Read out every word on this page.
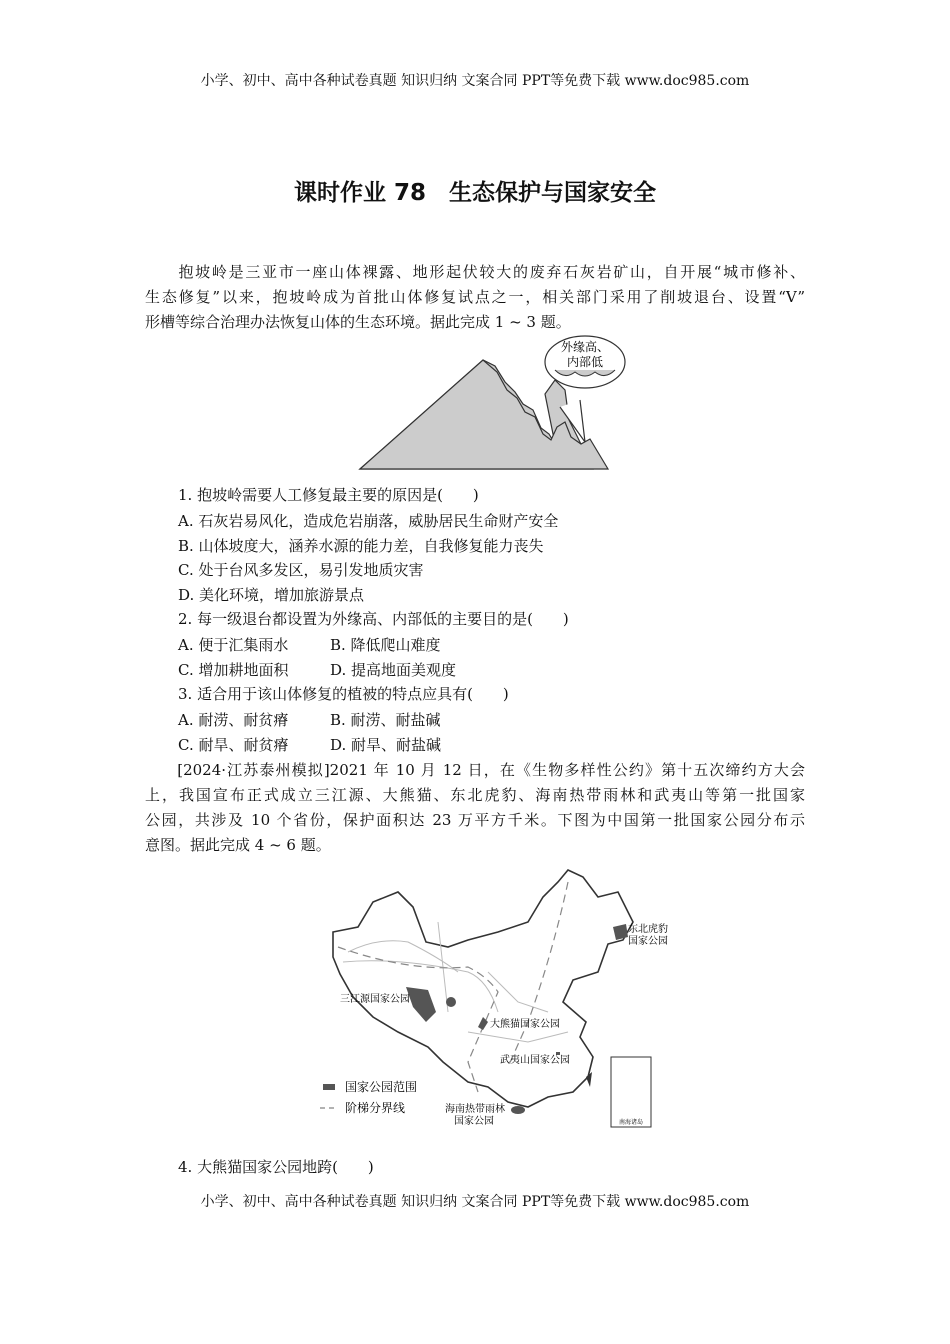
小学、初中、高中各种试卷真题 知识归纳 文案合同 PPT等免费下载 www.doc985.com
课时作业 78　生态保护与国家安全
　　抱坡岭是三亚市一座山体裸露、地形起伏较大的废弃石灰岩矿山，自开展“城市修补、
生态修复”以来，抱坡岭成为首批山体修复试点之一，相关部门采用了削坡退台、设置“V”
形槽等综合治理办法恢复山体的生态环境。据此完成 1 ~ 3 题。
外缘高、
内部低
1. 抱坡岭需要人工修复最主要的原因是(　　)
A. 石灰岩易风化，造成危岩崩落，威胁居民生命财产安全
B. 山体坡度大，涵养水源的能力差，自我修复能力丧失
C. 处于台风多发区，易引发地质灾害
D. 美化环境，增加旅游景点
2. 每一级退台都设置为外缘高、内部低的主要目的是(　　)
A. 便于汇集雨水	B. 降低爬山难度
C. 增加耕地面积	D. 提高地面美观度
3. 适合用于该山体修复的植被的特点应具有(　　)
A. 耐涝、耐贫瘠	B. 耐涝、耐盐碱
C. 耐旱、耐贫瘠	D. 耐旱、耐盐碱
　　[2024·江苏泰州模拟]2021 年 10 月 12 日，在《生物多样性公约》第十五次缔约方大会
上，我国宣布正式成立三江源、大熊猫、东北虎豹、海南热带雨林和武夷山等第一批国家
公园，共涉及 10 个省份，保护面积达 23 万平方千米。下图为中国第一批国家公园分布示
意图。据此完成 4 ~ 6 题。
南海诸岛
东北虎豹
国家公园
三江源国家公园
大熊猫国家公园
武夷山国家公园
海南热带雨林
国家公园
国家公园范围
阶梯分界线
4. 大熊猫国家公园地跨(　　)
小学、初中、高中各种试卷真题 知识归纳 文案合同 PPT等免费下载 www.doc985.com
